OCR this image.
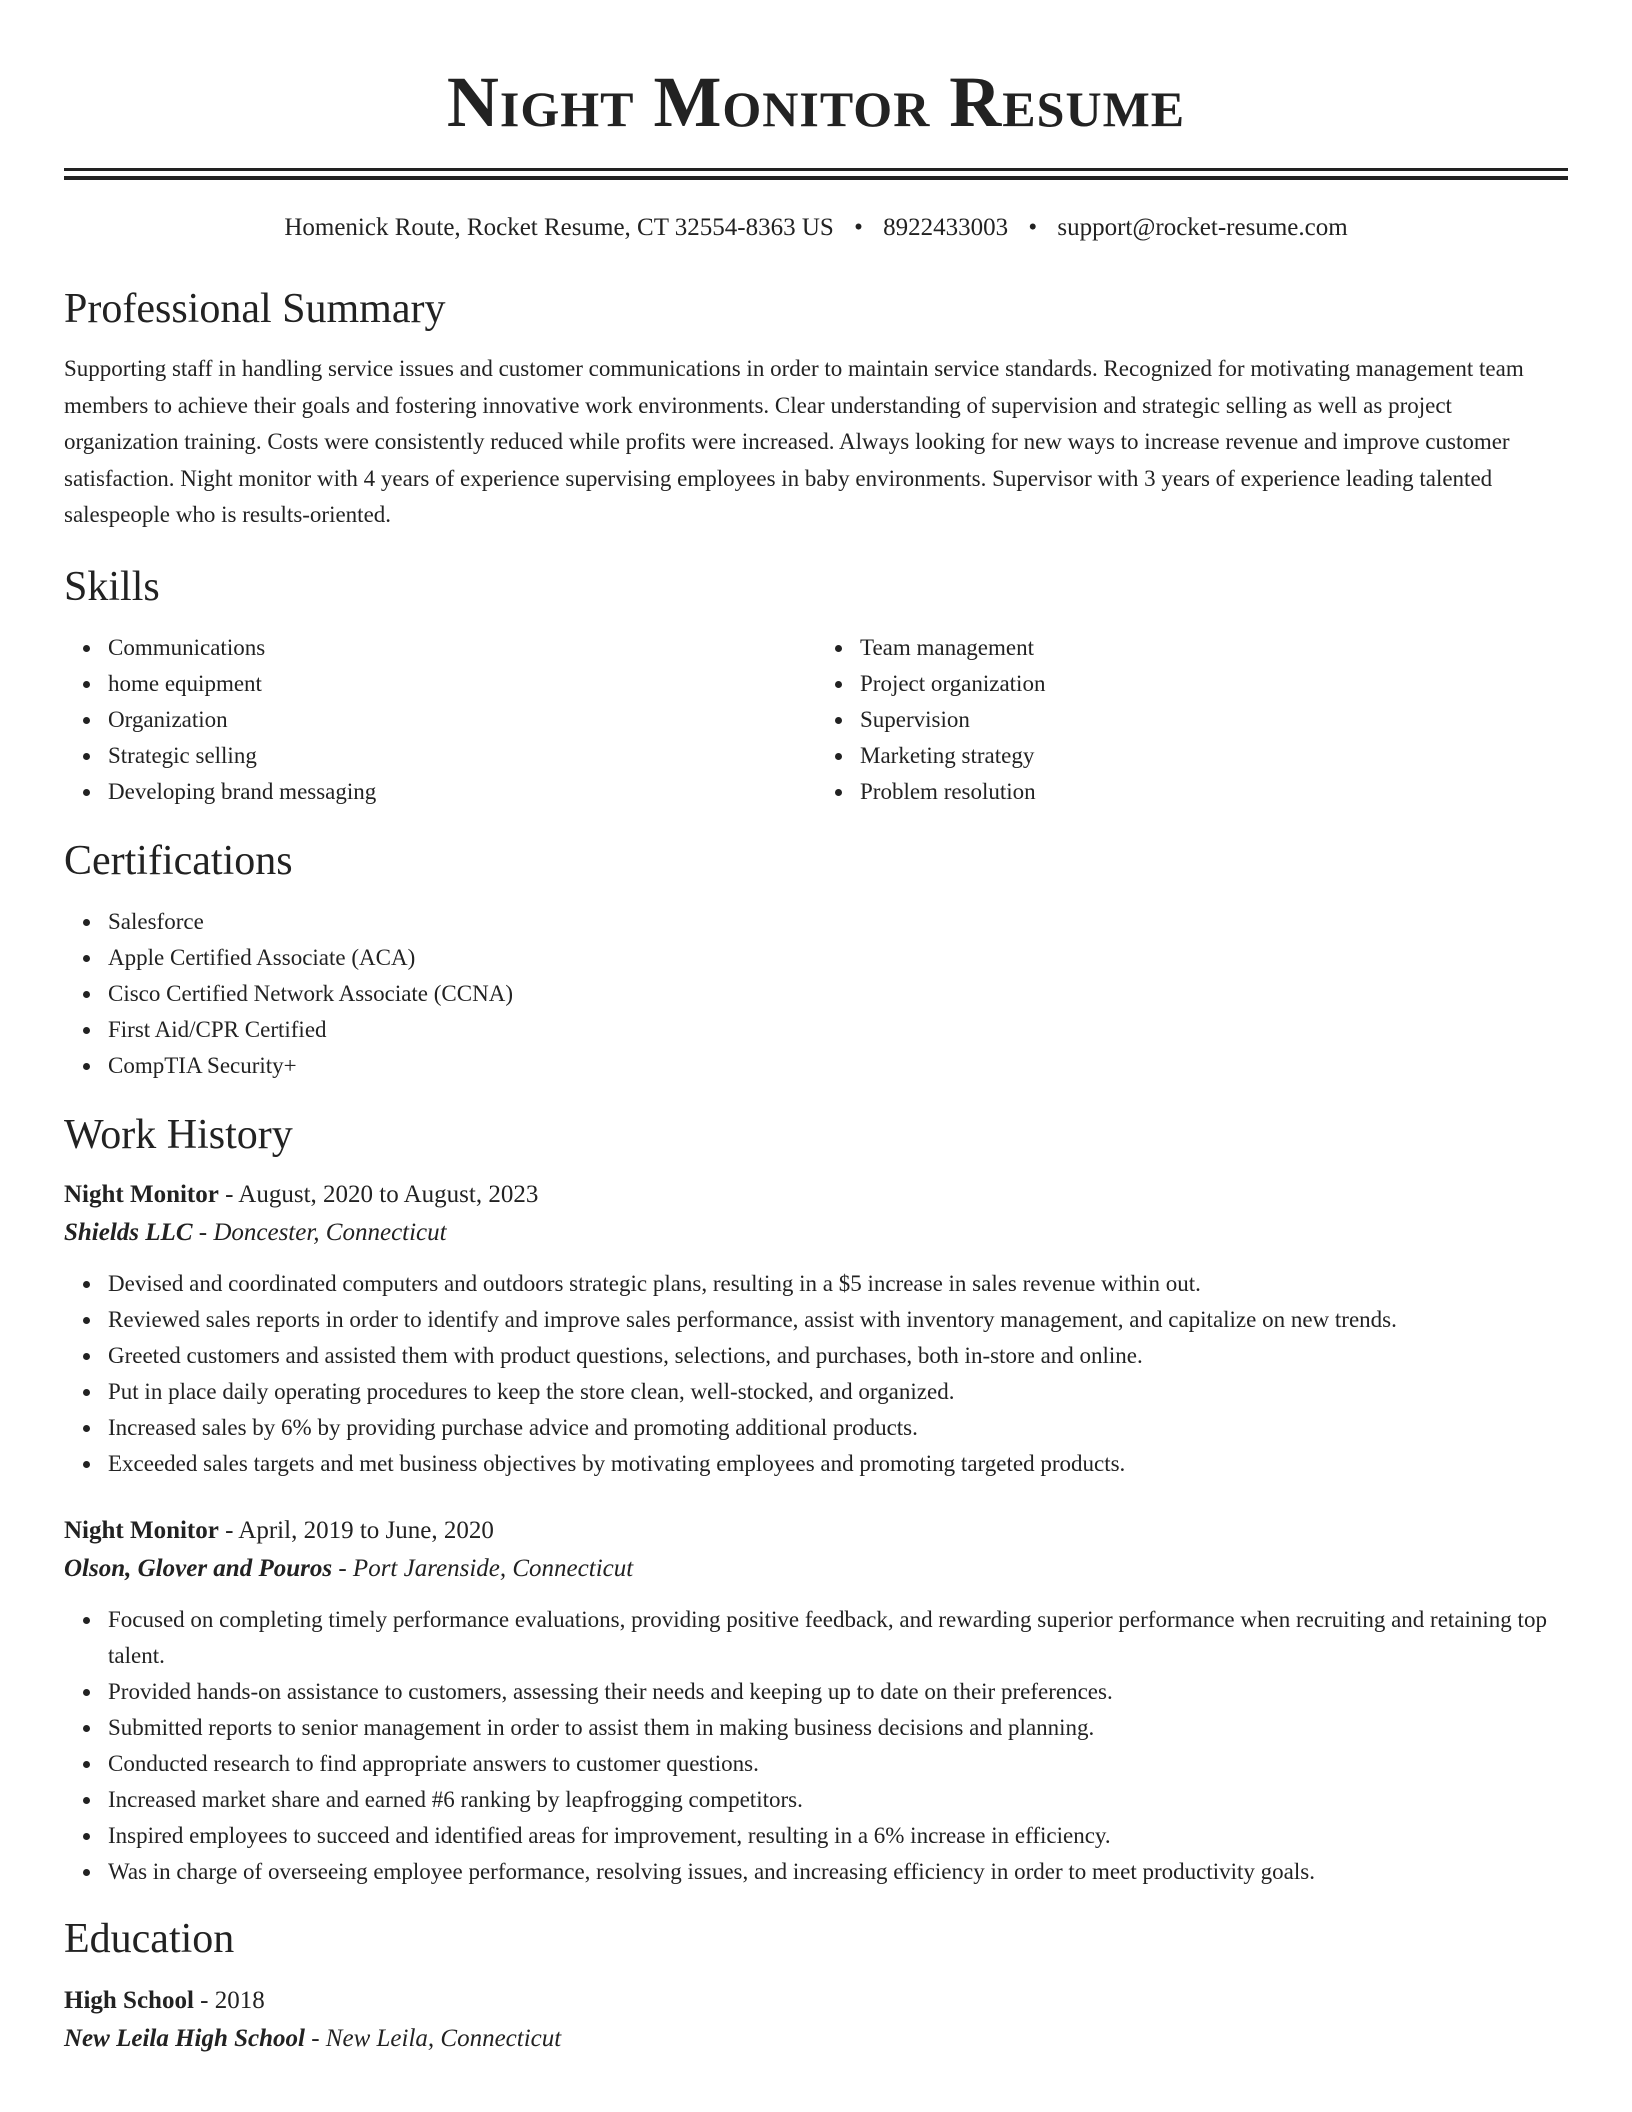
Night Monitor Resume
Homenick Route, Rocket Resume, CT 32554-8363 US • 8922433003 • support@rocket-resume.com
Professional Summary

Supporting staff in handling service issues and customer communications in order to maintain service standards. Recognized for motivating management team members to achieve their goals and fostering innovative work environments. Clear understanding of supervision and strategic selling as well as project organization training. Costs were consistently reduced while profits were increased. Always looking for new ways to increase revenue and improve customer satisfaction. Night monitor with 4 years of experience supervising employees in baby environments. Supervisor with 3 years of experience leading talented salespeople who is results-oriented.

Skills
Communications
home equipment
Organization
Strategic selling
Developing brand messaging
Team management
Project organization
Supervision
Marketing strategy
Problem resolution
Certifications
Salesforce
Apple Certified Associate (ACA)
Cisco Certified Network Associate (CCNA)
First Aid/CPR Certified
CompTIA Security+
Work History
Night Monitor - August, 2020 to August, 2023
Shields LLC - Doncester, Connecticut
Devised and coordinated computers and outdoors strategic plans, resulting in a $5 increase in sales revenue within out.
Reviewed sales reports in order to identify and improve sales performance, assist with inventory management, and capitalize on new trends.
Greeted customers and assisted them with product questions, selections, and purchases, both in-store and online.
Put in place daily operating procedures to keep the store clean, well-stocked, and organized.
Increased sales by 6% by providing purchase advice and promoting additional products.
Exceeded sales targets and met business objectives by motivating employees and promoting targeted products.
Night Monitor - April, 2019 to June, 2020
Olson, Glover and Pouros - Port Jarenside, Connecticut
Focused on completing timely performance evaluations, providing positive feedback, and rewarding superior performance when recruiting and retaining top talent.
Provided hands-on assistance to customers, assessing their needs and keeping up to date on their preferences.
Submitted reports to senior management in order to assist them in making business decisions and planning.
Conducted research to find appropriate answers to customer questions.
Increased market share and earned #6 ranking by leapfrogging competitors.
Inspired employees to succeed and identified areas for improvement, resulting in a 6% increase in efficiency.
Was in charge of overseeing employee performance, resolving issues, and increasing efficiency in order to meet productivity goals.
Education
High School - 2018
New Leila High School - New Leila, Connecticut
